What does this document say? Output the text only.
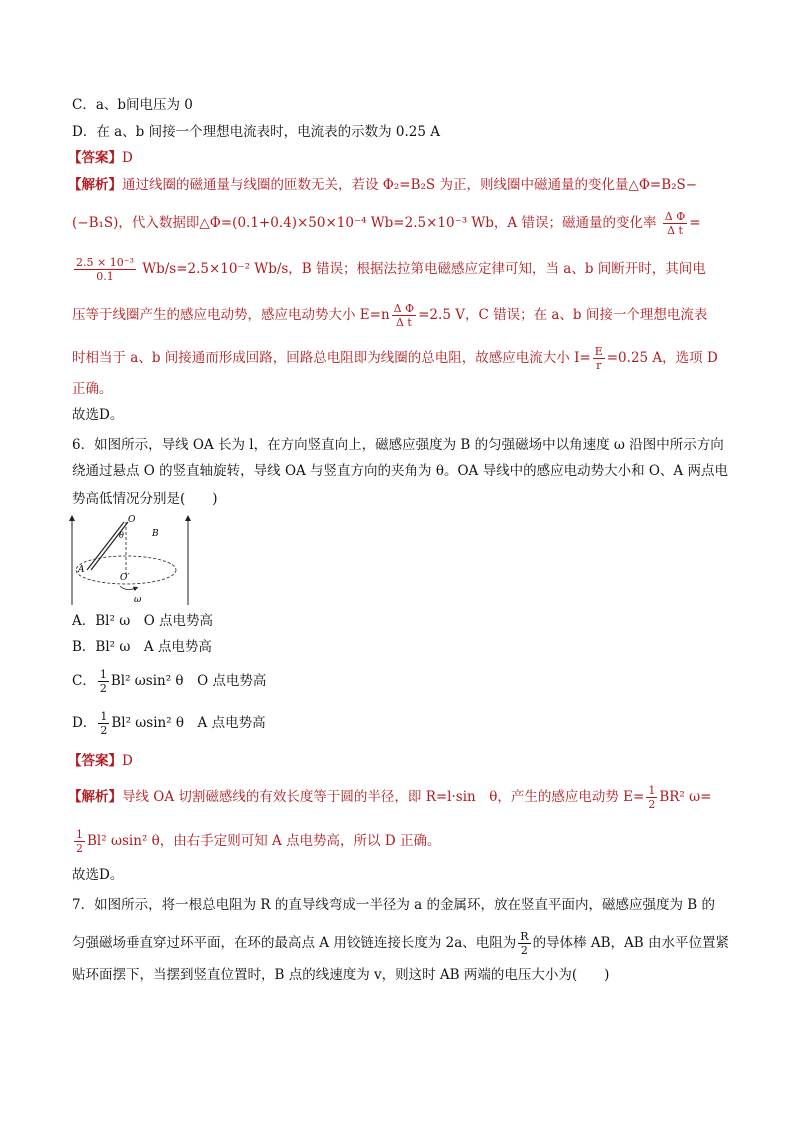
C．a、b间电压为 0
D．在 a、b 间接一个理想电流表时，电流表的示数为 0.25 A
【答案】D
【解析】通过线圈的磁通量与线圈的匝数无关，若设 Φ₂=B₂S 为正，则线圈中磁通量的变化量△Φ=B₂S−
(−B₁S)，代入数据即△Φ=(0.1+0.4)×50×10⁻⁴ Wb=2.5×10⁻³ Wb，A 错误；磁通量的变化率 $\frac{\text{Δ Φ}}{\text{Δ t}}$ =
$\frac{\text{2.5 × 10⁻³}}{0.1} Wb/s=2.5\times 10^{-2}$ Wb/s，B 错误；根据法拉第电磁感应定律可知，当 a、b 间断开时，其间电
压等于线圈产生的感应电动势，感应电动势大小 $E=n \frac{\text{Δ Φ}}{\text{Δ t}} =2.5$ V，C 错误；在 a、b 间接一个理想电流表
时相当于 a、b 间接通而形成回路，回路总电阻即为线圈的总电阻，故感应电流大小 $I= \frac{E}{r} =0.25$ A，选项 D
正确。
故选D。
6．如图所示，导线 OA 长为 l，在方向竖直向上，磁感应强度为 B 的匀强磁场中以角速度 ω 沿图中所示方向
绕通过悬点 O 的竖直轴旋转，导线 OA 与竖直方向的夹角为 θ。OA 导线中的感应电动势大小和 O、A 两点电
势高低情况分别是(　　)
O
θ	B
A
O′
ω
A．Bl² ω　O 点电势高
B．Bl² ω　A 点电势高
C． $\frac{1}{2} Bl^2$ ωsin² θ　O 点电势高
D． $\frac{1}{2} Bl^2$ ωsin² θ　A 点电势高
【答案】D
【解析】导线 OA 切割磁感线的有效长度等于圆的半径，即 R=l·sin　θ，产生的感应电动势 $E= \frac{1}{2} BR^2$ ω=
$\frac{1}{2} Bl^2$ ωsin² θ，由右手定则可知 A 点电势高，所以 D 正确。
故选D。
7．如图所示，将一根总电阻为 R 的直导线弯成一半径为 a 的金属环，放在竖直平面内，磁感应强度为 B 的
匀强磁场垂直穿过环平面，在环的最高点 A 用铰链连接长度为 2a、电阻为 $\frac{R}{2}$ 的导体棒 AB，AB 由水平位置紧
贴环面摆下，当摆到竖直位置时，B 点的线速度为 v，则这时 AB 两端的电压大小为(　　)
